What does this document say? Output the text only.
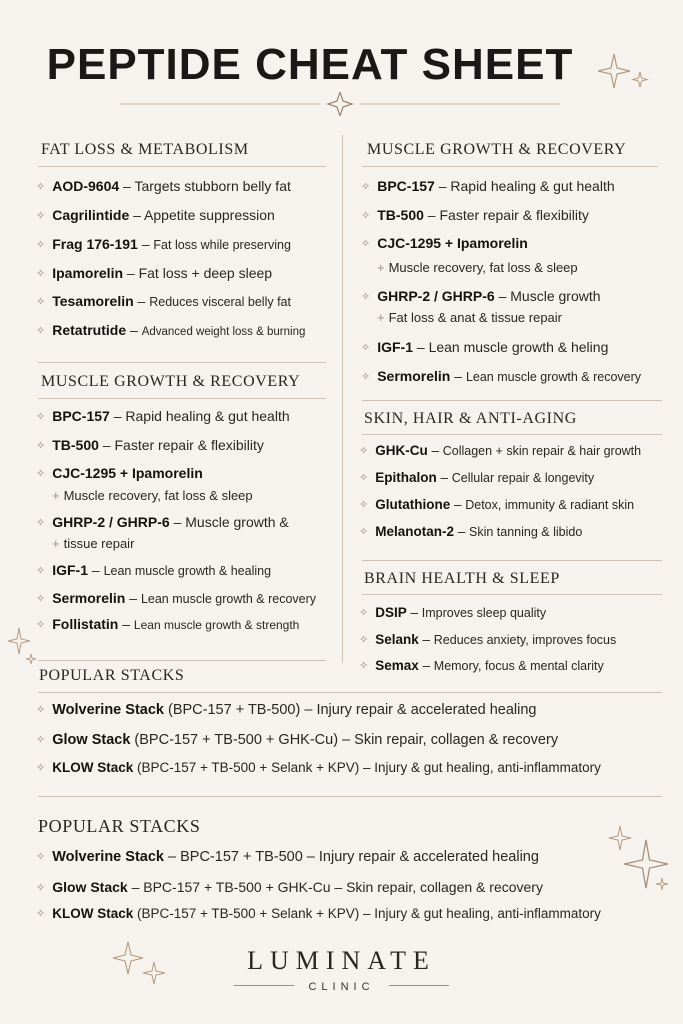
PEPTIDE CHEAT SHEET
FAT LOSS & METABOLISM
✧ AOD-9604 – Targets stubborn belly fat
✧ Cagrilintide – Appetite suppression
✧ Frag 176-191 – Fat loss while preserving
✧ Ipamorelin – Fat loss + deep sleep
✧ Tesamorelin – Reduces visceral belly fat
✧ Retatrutide – Advanced weight loss & burning
MUSCLE GROWTH & RECOVERY
✧ BPC-157 – Rapid healing & gut health
✧ TB-500 – Faster repair & flexibility
✧ CJC-1295 + Ipamorelin
+ Muscle recovery, fat loss & sleep
✧ GHRP-2 / GHRP-6 – Muscle growth &
+ tissue repair
✧ IGF-1 – Lean muscle growth & healing
✧ Sermorelin – Lean muscle growth & recovery
✧ Follistatin – Lean muscle growth & strength
MUSCLE GROWTH & RECOVERY
✧ BPC-157 – Rapid healing & gut health
✧ TB-500 – Faster repair & flexibility
✧ CJC-1295 + Ipamorelin
+ Muscle recovery, fat loss & sleep
✧ GHRP-2 / GHRP-6 – Muscle growth
+ Fat loss & anat & tissue repair
✧ IGF-1 – Lean muscle growth & heling
✧ Sermorelin – Lean muscle growth & recovery
SKIN, HAIR & ANTI-AGING
✧ GHK-Cu – Collagen + skin repair & hair growth
✧ Epithalon – Cellular repair & longevity
✧ Glutathione – Detox, immunity & radiant skin
✧ Melanotan-2 – Skin tanning & libido
BRAIN HEALTH & SLEEP
✧ DSIP – Improves sleep quality
✧ Selank – Reduces anxiety, improves focus
✧ Semax – Memory, focus & mental clarity
POPULAR STACKS
✧ Wolverine Stack (BPC-157 + TB-500) – Injury repair & accelerated healing
✧ Glow Stack (BPC-157 + TB-500 + GHK-Cu) – Skin repair, collagen & recovery
✧ KLOW Stack (BPC-157 + TB-500 + Selank + KPV) – Injury & gut healing, anti-inflammatory
POPULAR STACKS
✧ Wolverine Stack – BPC-157 + TB-500 – Injury repair & accelerated healing
✧ Glow Stack – BPC-157 + TB-500 + GHK-Cu – Skin repair, collagen & recovery
✧ KLOW Stack (BPC-157 + TB-500 + Selank + KPV) – Injury & gut healing, anti-inflammatory
LUMINATE
CLINIC
